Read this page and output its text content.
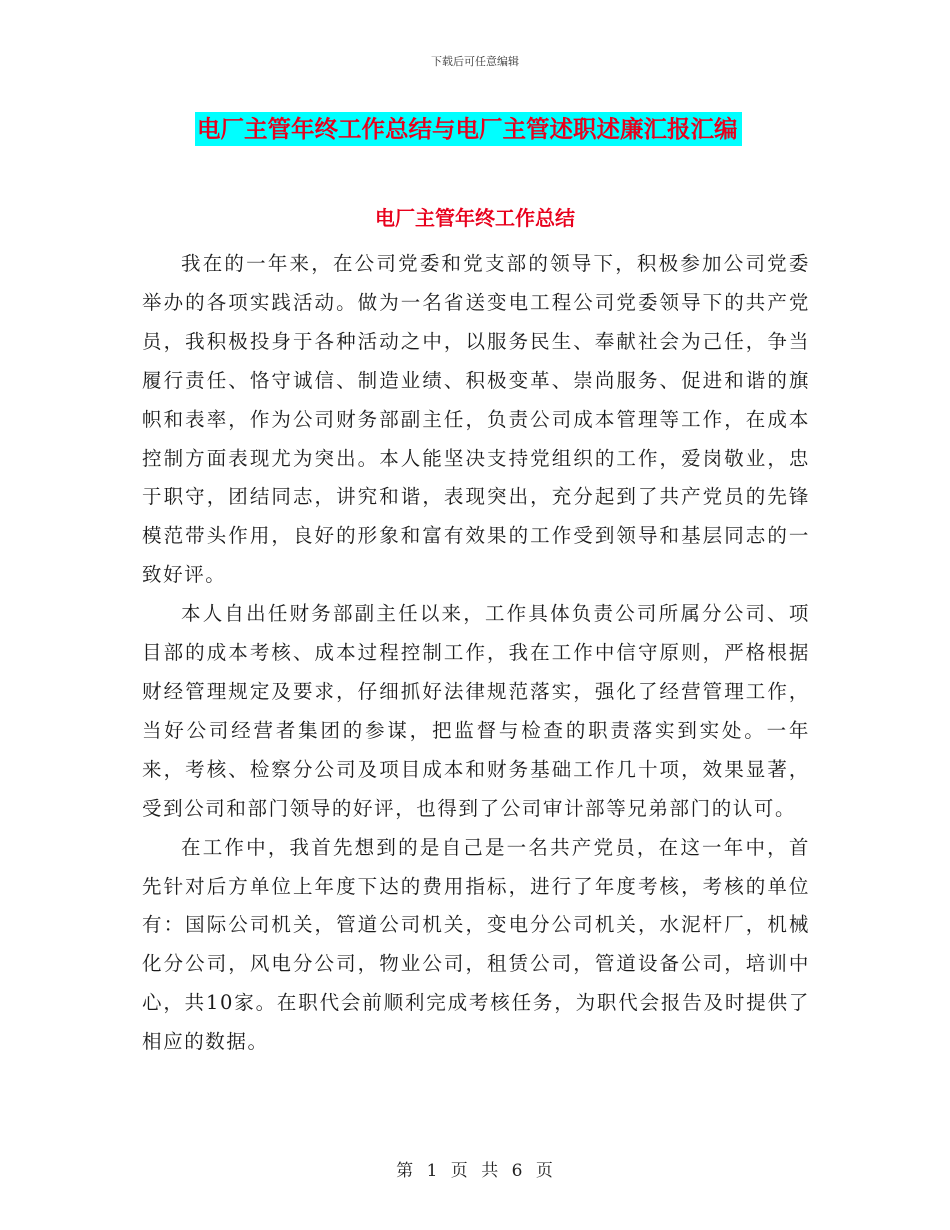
下载后可任意编辑
电厂主管年终工作总结与电厂主管述职述廉汇报汇编
电厂主管年终工作总结

我在的一年来，在公司党委和党支部的领导下，积极参加公司党委举办的各项实践活动。做为一名省送变电工程公司党委领导下的共产党员，我积极投身于各种活动之中，以服务民生、奉献社会为己任，争当履行责任、恪守诚信、制造业绩、积极变革、崇尚服务、促进和谐的旗帜和表率，作为公司财务部副主任，负责公司成本管理等工作，在成本控制方面表现尤为突出。本人能坚决支持党组织的工作，爱岗敬业，忠于职守，团结同志，讲究和谐，表现突出，充分起到了共产党员的先锋模范带头作用，良好的形象和富有效果的工作受到领导和基层同志的一致好评。

本人自出任财务部副主任以来，工作具体负责公司所属分公司、项目部的成本考核、成本过程控制工作，我在工作中信守原则，严格根据财经管理规定及要求，仔细抓好法律规范落实，强化了经营管理工作，当好公司经营者集团的参谋，把监督与检查的职责落实到实处。一年来，考核、检察分公司及项目成本和财务基础工作几十项，效果显著，受到公司和部门领导的好评，也得到了公司审计部等兄弟部门的认可。

在工作中，我首先想到的是自己是一名共产党员，在这一年中，首先针对后方单位上年度下达的费用指标，进行了年度考核，考核的单位有：国际公司机关，管道公司机关，变电分公司机关，水泥杆厂，机械化分公司，风电分公司，物业公司，租赁公司，管道设备公司，培训中心，共10家。在职代会前顺利完成考核任务，为职代会报告及时提供了相应的数据。

第 1 页 共 6 页
